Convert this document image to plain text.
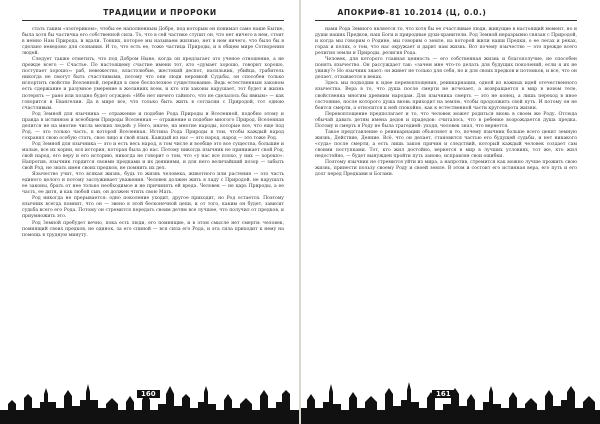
ТРАДИЦИИ И ПРОРОКИ

стать таким «эзотериком», чтобы ее наполненным Добре, под которым он понимал само наше Бытие, была хотя бы частичка его собственной сила. То, что в сей частике ступит он, что нет ничего в нем, стоит в немно Нам Природа, и вдали. Тонких, которое мы называем жизнью, нет в нем ничего, что было бы в сделано неведомо для сознания. И то, что есть ее, тоже частица Природы, и в общем мире Сотворения людей.

Следует также отметить, что под Добром Ныне, когда он предлагает это ученое отношение, а не прежде всего — Счастье. По настоящему счастие имени тот, кто «думает хорошо, говорит хорошо, поступает хорошо»: раб, невежество, властолюбие, жестокий деспот, насильник, убийца, грабитель никогда не смогут быть счастливыми, потому что они люди неровной Судьбы, он способен только испортить свойство Вселенной, перейдя в свое бесполезное существование. Ведь естественным законом есть сдержание и разумное умерение в желаниях всем, и кто эти законы нарушает, тот будет и жизнь потерять — рано или поздно будет осужден: «Ибо нет ничего тайного, что не сделалось бы явным» — как говорится в Евангелии. Да в мире все, что только быть жить в согласии с Природой, тот одною счастливым.

Род Земной для язычника — отражение и подобие Рода Природы и Вселенной, подобно этому и правда в истинном и всеобщем Природы Вселенная — отражение и подобие многого Природ. Вселенная делится не на многие числа мелких людей: у Него, иначе, на многие народы, которые все, что еще под Род, — это только часть, в которой Вселенная. Истина Рода Природы в том, чтобы каждый народ сохранял свою особую стать, свое лицо и свой язык. Каждый из нас — это народ, народ — это тоже Род.

Род Земной для язычника — это и есть весь народ, в том числе и вообще это все существа, большие и малые, все их корни, вся история, которая была до нас. Потому никогда язычник не принижает свой Род, свой народ, его веру и его историю, никогда не говорит о том, что «у нас все плохо, у них — хорошо». Напротив, язычник гордится своими предками и их деяниями, и для него величайший позор — забыть свой Род, не знать имен своих предков, не помнить их дел.

Язычество учит, что всякая жизнь, будь то жизнь человека, животного или растения — это часть единого целого и потому заслуживает уважения. Человек должен жить в ладу с Природой, не нарушать ее законы, брать от нее только необходимое и не причинять ей вреда. Человек — не царь Природы, а ее часть, ее дитя, и как любой сын, он должен чтить свою Мать.

Род никогда не прерывается: одно поколение уходит, другое приходит, но Род остается. Поэтому язычник всегда помнит, что он — звено в этой бесконечной цепи, и от того, каким он будет, зависит судьба всего его Рода. Потому он стремится передать своим детям все лучшее, что получил от предков, и приумножить это.

Род Земной пребудет вечно, пока есть люди, его помнящие, и в этом смысле нет смерти: человек, помнящий своих предков, не одинок, за его спиной — вся сила его Рода, и эта сила приходит к нему на помощь в трудную минуту.

160
АПОКРИФ-81 10.2014 (Ц, 0.0.)

нами Рода Земного является то, что хотя бы ее счастливые люди, живущие в настоящий момент, но и души наших Предков, наш Боги и природные духи-хранители. Род Земной неразрывно связан с Природой, и когда мы говорим о Родине, мы говорим о земле, на которой жили наши Предки, о ее лесах и реках, горах и полях, о том, что нас окружает и дарит нам жизнь. Вот почему язычество — это прежде всего религия земли и Природы, религия Рода.

Человек, для которого главная ценность — его собственная жизнь и благополучие, не способен понять язычество. Он рассуждает так: «зачем мне что-то делать для будущих поколений, если я их не увижу?» Но язычник знает: он живет не только для себя, но и для своих предков и потомков, и все, что он делает, отзывается в веках.

Здесь мы подходим к идее перевоплощения, реинкарнации, одной из важных идей отечественного язычества. Вера в то, что душа после смерти не исчезает, а возвращается в мир в новом теле, свойственна многим древним народам. Для язычника смерть — это не конец, а лишь переход в иное состояние, после которого душа вновь приходит на землю, чтобы продолжить свой путь. И потому он не боится смерти, а относится к ней спокойно, как к естественной части круговорота жизни.

Перевоплощение предполагает и то, что человек может родиться вновь в своем же Роду. Отсюда обычай давать детям имена дедов и прадедов: считалось, что в ребенке возрождается душа предка. Потому и смерть в Роду не была трагедией: уходя, человек знал, что вернется.

Такое представление о реинкарнации объясняет и то, почему язычник больше всего ценит земную жизнь, Действие, Деяние. Всё, что он делает, становится частью его будущей судьбы, и нет никакого «суда» после смерти, а есть лишь закон причин и следствий, который каждый человек создает сам своими поступками. Тот, кто жил достойно, вернется в мир в лучших условиях, тот же, кто жил недостойно, — будет вынужден пройти путь заново, исправляя свои ошибки.

Поэтому язычник не стремится уйти из мира, а напротив, стремится как можно лучше прожить свою жизнь, принести пользу своему Роду и своей земле. В этом и состоит его истинная вера, его путь и его долг перед Предками и Богами.

161
